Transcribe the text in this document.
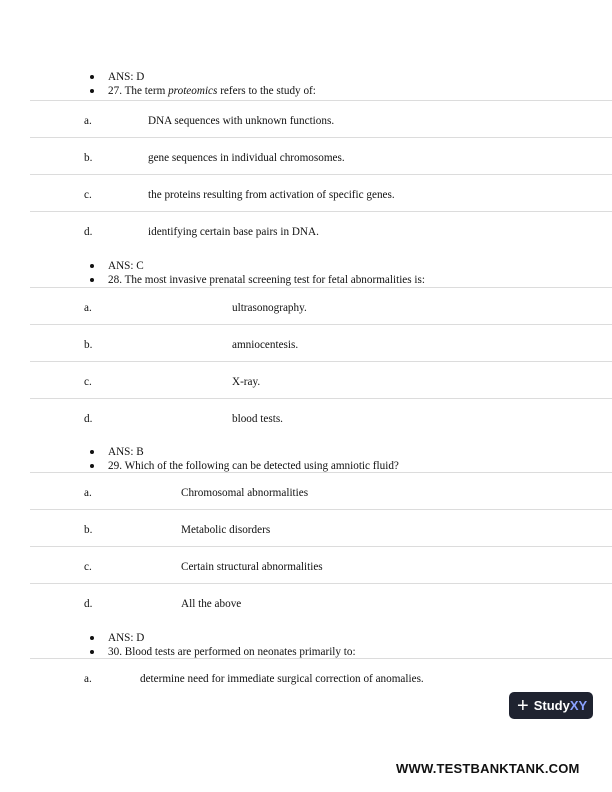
ANS: D
27. The term proteomics refers to the study of:
a.	DNA sequences with unknown functions.
b.	gene sequences in individual chromosomes.
c.	the proteins resulting from activation of specific genes.
d.	identifying certain base pairs in DNA.
ANS: C
28. The most invasive prenatal screening test for fetal abnormalities is:
a.	ultrasonography.
b.	amniocentesis.
c.	X-ray.
d.	blood tests.
ANS: B
29. Which of the following can be detected using amniotic fluid?
a.	Chromosomal abnormalities
b.	Metabolic disorders
c.	Certain structural abnormalities
d.	All the above
ANS: D
30. Blood tests are performed on neonates primarily to:
a.	determine need for immediate surgical correction of anomalies.
+ Study XY
WWW.TESTBANKTANK.COM
